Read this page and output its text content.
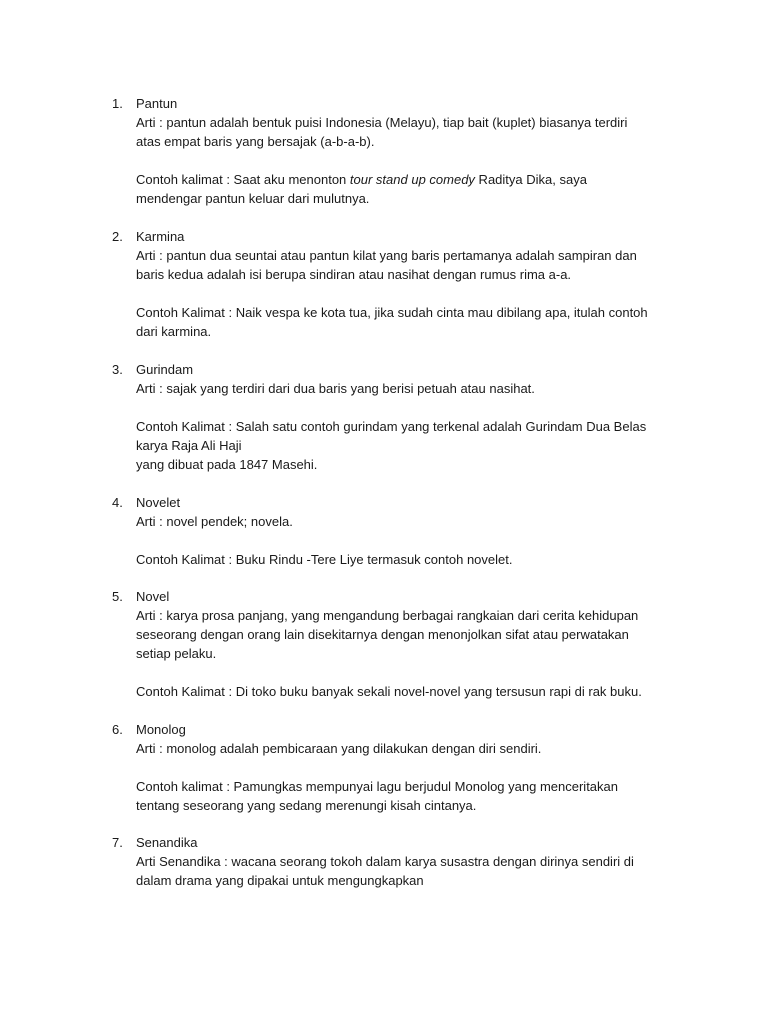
1.	Pantun
Arti : pantun adalah bentuk puisi Indonesia (Melayu), tiap bait (kuplet) biasanya terdiri
atas empat baris yang bersajak (a-b-a-b).
Contoh kalimat : Saat aku menonton tour stand up comedy Raditya Dika, saya
mendengar pantun keluar dari mulutnya.
2.	Karmina
Arti : pantun dua seuntai atau pantun kilat yang baris pertamanya adalah sampiran dan
baris kedua adalah isi berupa sindiran atau nasihat dengan rumus rima a-a.
Contoh Kalimat : Naik vespa ke kota tua, jika sudah cinta mau dibilang apa, itulah contoh
dari karmina.
3.	Gurindam
Arti : sajak yang terdiri dari dua baris yang berisi petuah atau nasihat.
Contoh Kalimat : Salah satu contoh gurindam yang terkenal adalah Gurindam Dua Belas
karya Raja Ali Haji
yang dibuat pada 1847 Masehi.
4.	Novelet
Arti : novel pendek; novela.
Contoh Kalimat : Buku Rindu -Tere Liye termasuk contoh novelet.
5.	Novel
Arti : karya prosa panjang, yang mengandung berbagai rangkaian dari cerita kehidupan
seseorang dengan orang lain disekitarnya dengan menonjolkan sifat atau perwatakan
setiap pelaku.
Contoh Kalimat : Di toko buku banyak sekali novel-novel yang tersusun rapi di rak buku.
6.	Monolog
Arti : monolog adalah pembicaraan yang dilakukan dengan diri sendiri.
Contoh kalimat : Pamungkas mempunyai lagu berjudul Monolog yang menceritakan
tentang seseorang yang sedang merenungi kisah cintanya.
7.	Senandika
Arti Senandika : wacana seorang tokoh dalam karya susastra dengan dirinya sendiri di
dalam drama yang dipakai untuk mengungkapkan
